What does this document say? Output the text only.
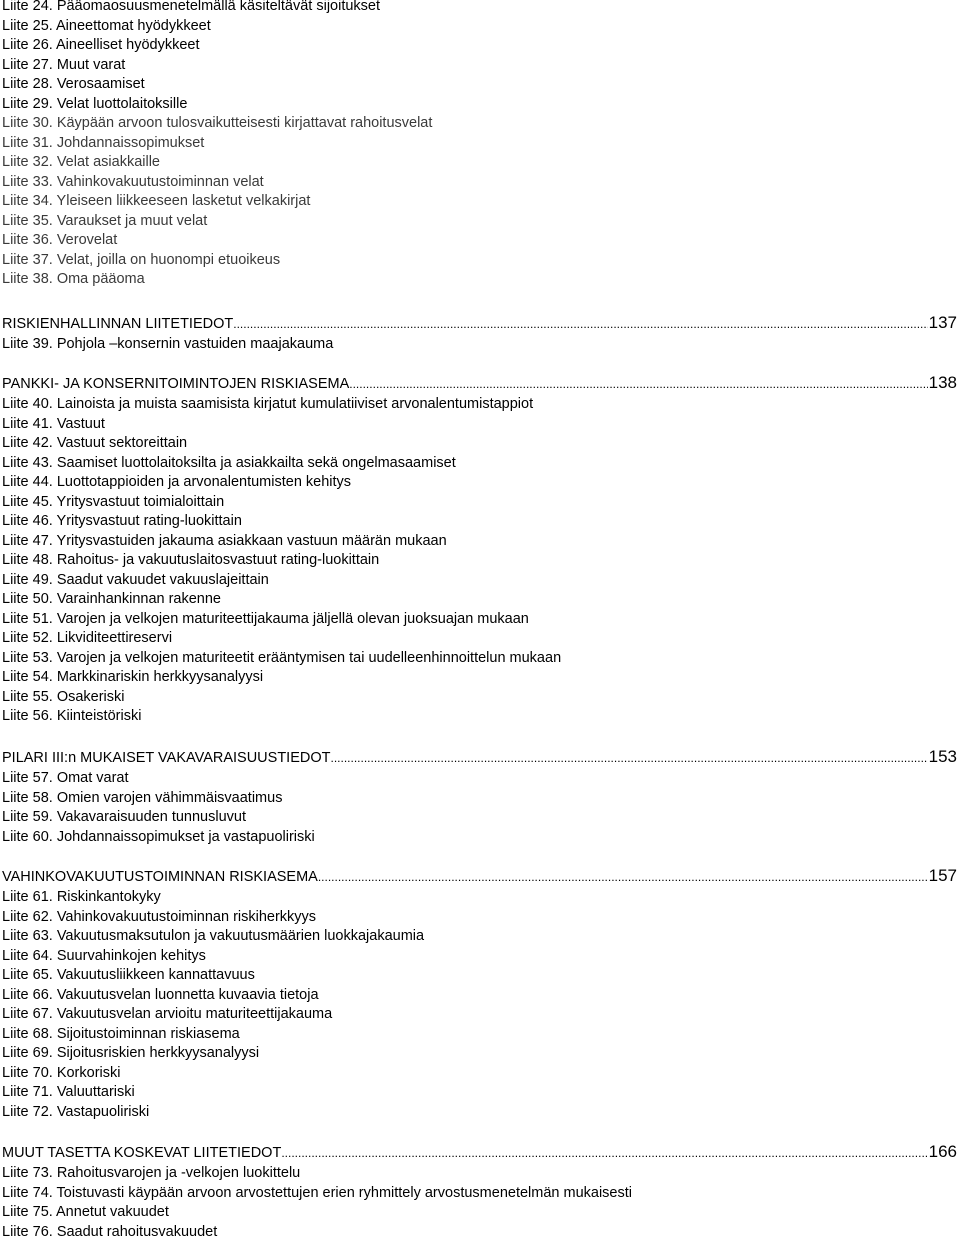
Liite 24. Pääomaosuusmenetelmällä käsiteltävät sijoitukset
Liite 25. Aineettomat hyödykkeet
Liite 26. Aineelliset hyödykkeet
Liite 27. Muut varat
Liite 28. Verosaamiset
Liite 29. Velat luottolaitoksille
Liite 30. Käypään arvoon tulosvaikutteisesti kirjattavat rahoitusvelat
Liite 31. Johdannaissopimukset
Liite 32. Velat asiakkaille
Liite 33. Vahinkovakuutustoiminnan velat
Liite 34. Yleiseen liikkeeseen lasketut velkakirjat
Liite 35. Varaukset ja muut velat
Liite 36. Verovelat
Liite 37. Velat, joilla on huonompi etuoikeus
Liite 38. Oma pääoma
RISKIENHALLINNAN LIITETIEDOT .....	137
Liite 39. Pohjola –konsernin vastuiden maajakauma
PANKKI- JA KONSERNITOIMINTOJEN RISKIASEMA .....	138
Liite 40. Lainoista ja muista saamisista kirjatut kumulatiiviset arvonalentumistappiot
Liite 41. Vastuut
Liite 42. Vastuut sektoreittain
Liite 43. Saamiset luottolaitoksilta ja asiakkailta sekä ongelmasaamiset
Liite 44. Luottotappioiden ja arvonalentumisten kehitys
Liite 45. Yritysvastuut toimialoittain
Liite 46. Yritysvastuut rating-luokittain
Liite 47. Yritysvastuiden jakauma asiakkaan vastuun määrän mukaan
Liite 48. Rahoitus- ja vakuutuslaitosvastuut rating-luokittain
Liite 49. Saadut vakuudet vakuuslajeittain
Liite 50. Varainhankinnan rakenne
Liite 51. Varojen ja velkojen maturiteettijakauma jäljellä olevan juoksuajan mukaan
Liite 52. Likviditeettireservi
Liite 53. Varojen ja velkojen maturiteetit erääntymisen tai uudelleenhinnoittelun mukaan
Liite 54. Markkinariskin herkkyysanalyysi
Liite 55. Osakeriski
Liite 56. Kiinteistöriski
PILARI III:n MUKAISET VAKAVARAISUUSTIEDOT .....	153
Liite 57. Omat varat
Liite 58. Omien varojen vähimmäisvaatimus
Liite 59. Vakavaraisuuden tunnusluvut
Liite 60. Johdannaissopimukset ja vastapuoliriski
VAHINKOVAKUUTUSTOIMINNAN RISKIASEMA .....	157
Liite 61. Riskinkantokyky
Liite 62. Vahinkovakuutustoiminnan riskiherkkyys
Liite 63. Vakuutusmaksutulon ja vakuutusmäärien luokkajakaumia
Liite 64. Suurvahinkojen kehitys
Liite 65. Vakuutusliikkeen kannattavuus
Liite 66. Vakuutusvelan luonnetta kuvaavia tietoja
Liite 67. Vakuutusvelan arvioitu maturiteettijakauma
Liite 68. Sijoitustoiminnan riskiasema
Liite 69. Sijoitusriskien herkkyysanalyysi
Liite 70. Korkoriski
Liite 71. Valuuttariski
Liite 72. Vastapuoliriski
MUUT TASETTA KOSKEVAT LIITETIEDOT .....	166
Liite 73. Rahoitusvarojen ja -velkojen luokittelu
Liite 74. Toistuvasti käypään arvoon arvostettujen erien ryhmittely arvostusmenetelmän mukaisesti
Liite 75. Annetut vakuudet
Liite 76. Saadut rahoitusvakuudet
